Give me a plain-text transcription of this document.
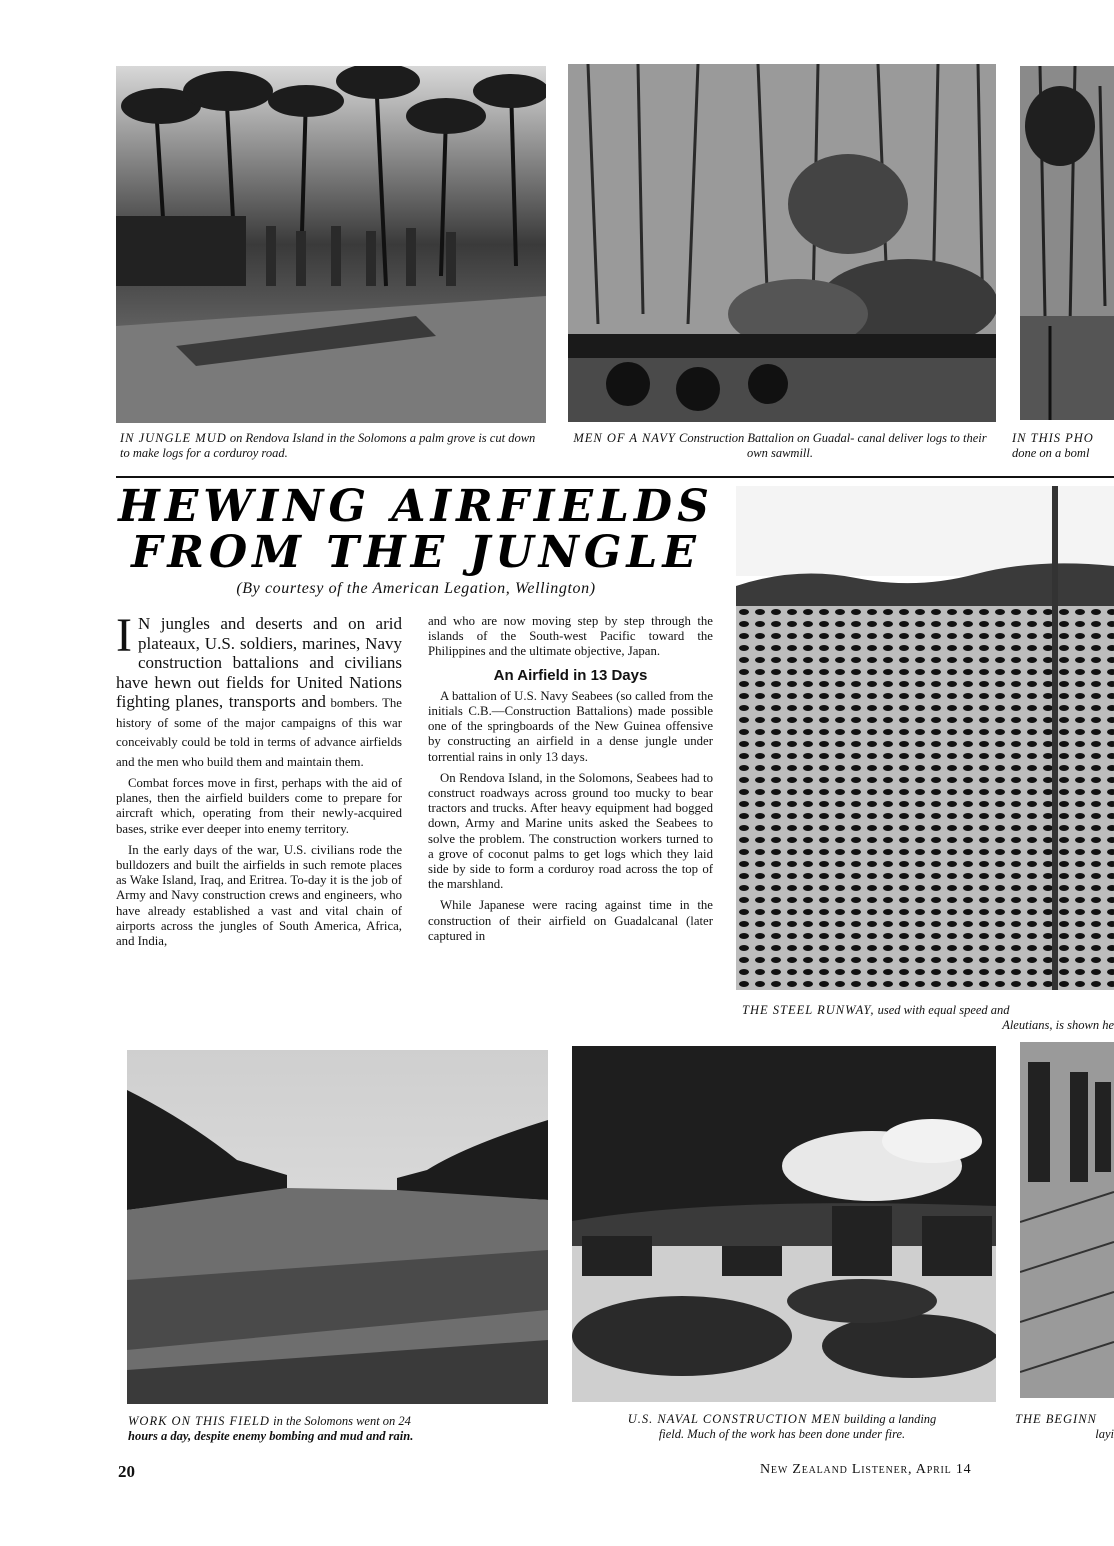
IN JUNGLE MUD on Rendova Island in the Solomons a palm grove is cut down to make logs for a corduroy road.
MEN OF A NAVY Construction Battalion on Guadal- canal deliver logs to their own sawmill.
IN THIS PHO
done on a boml
HEWING AIRFIELDS
FROM THE JUNGLE
(By courtesy of the American Legation, Wellington)

I N jungles and deserts and on arid plateaux, U.S. soldiers, marines, Navy construction battalions and civilians have hewn out fields for United Nations fighting planes, transports and bombers. The history of some of the major campaigns of this war conceivably could be told in terms of advance airfields and the men who build them and maintain them.

Combat forces move in first, perhaps with the aid of planes, then the airfield builders come to prepare for aircraft which, operating from their newly-acquired bases, strike ever deeper into enemy territory.

In the early days of the war, U.S. civilians rode the bulldozers and built the airfields in such remote places as Wake Island, Iraq, and Eritrea. To-day it is the job of Army and Navy construction crews and engineers, who have already established a vast and vital chain of airports across the jungles of South America, Africa, and India,

and who are now moving step by step through the islands of the South-west Pacific toward the Philippines and the ultimate objective, Japan.

An Airfield in 13 Days

A battalion of U.S. Navy Seabees (so called from the initials C.B.—Construction Battalions) made possible one of the springboards of the New Guinea offensive by constructing an airfield in a dense jungle under torrential rains in only 13 days.

On Rendova Island, in the Solomons, Seabees had to construct roadways across ground too mucky to bear tractors and trucks. After heavy equipment had bogged down, Army and Marine units asked the Seabees to solve the problem. The construction workers turned to a grove of coconut palms to get logs which they laid side by side to form a corduroy road across the top of the marshland.

While Japanese were racing against time in the construction of their airfield on Guadalcanal (later captured in

THE STEEL RUNWAY, used with equal speed and

Aleutians, is shown he
WORK ON THIS FIELD in the Solomons went on 24
hours a day, despite enemy bombing and mud and rain.
U.S. NAVAL CONSTRUCTION MEN building a landing
field. Much of the work has been done under fire.
THE BEGINN

layi
20	New Zealand Listener, April 14
